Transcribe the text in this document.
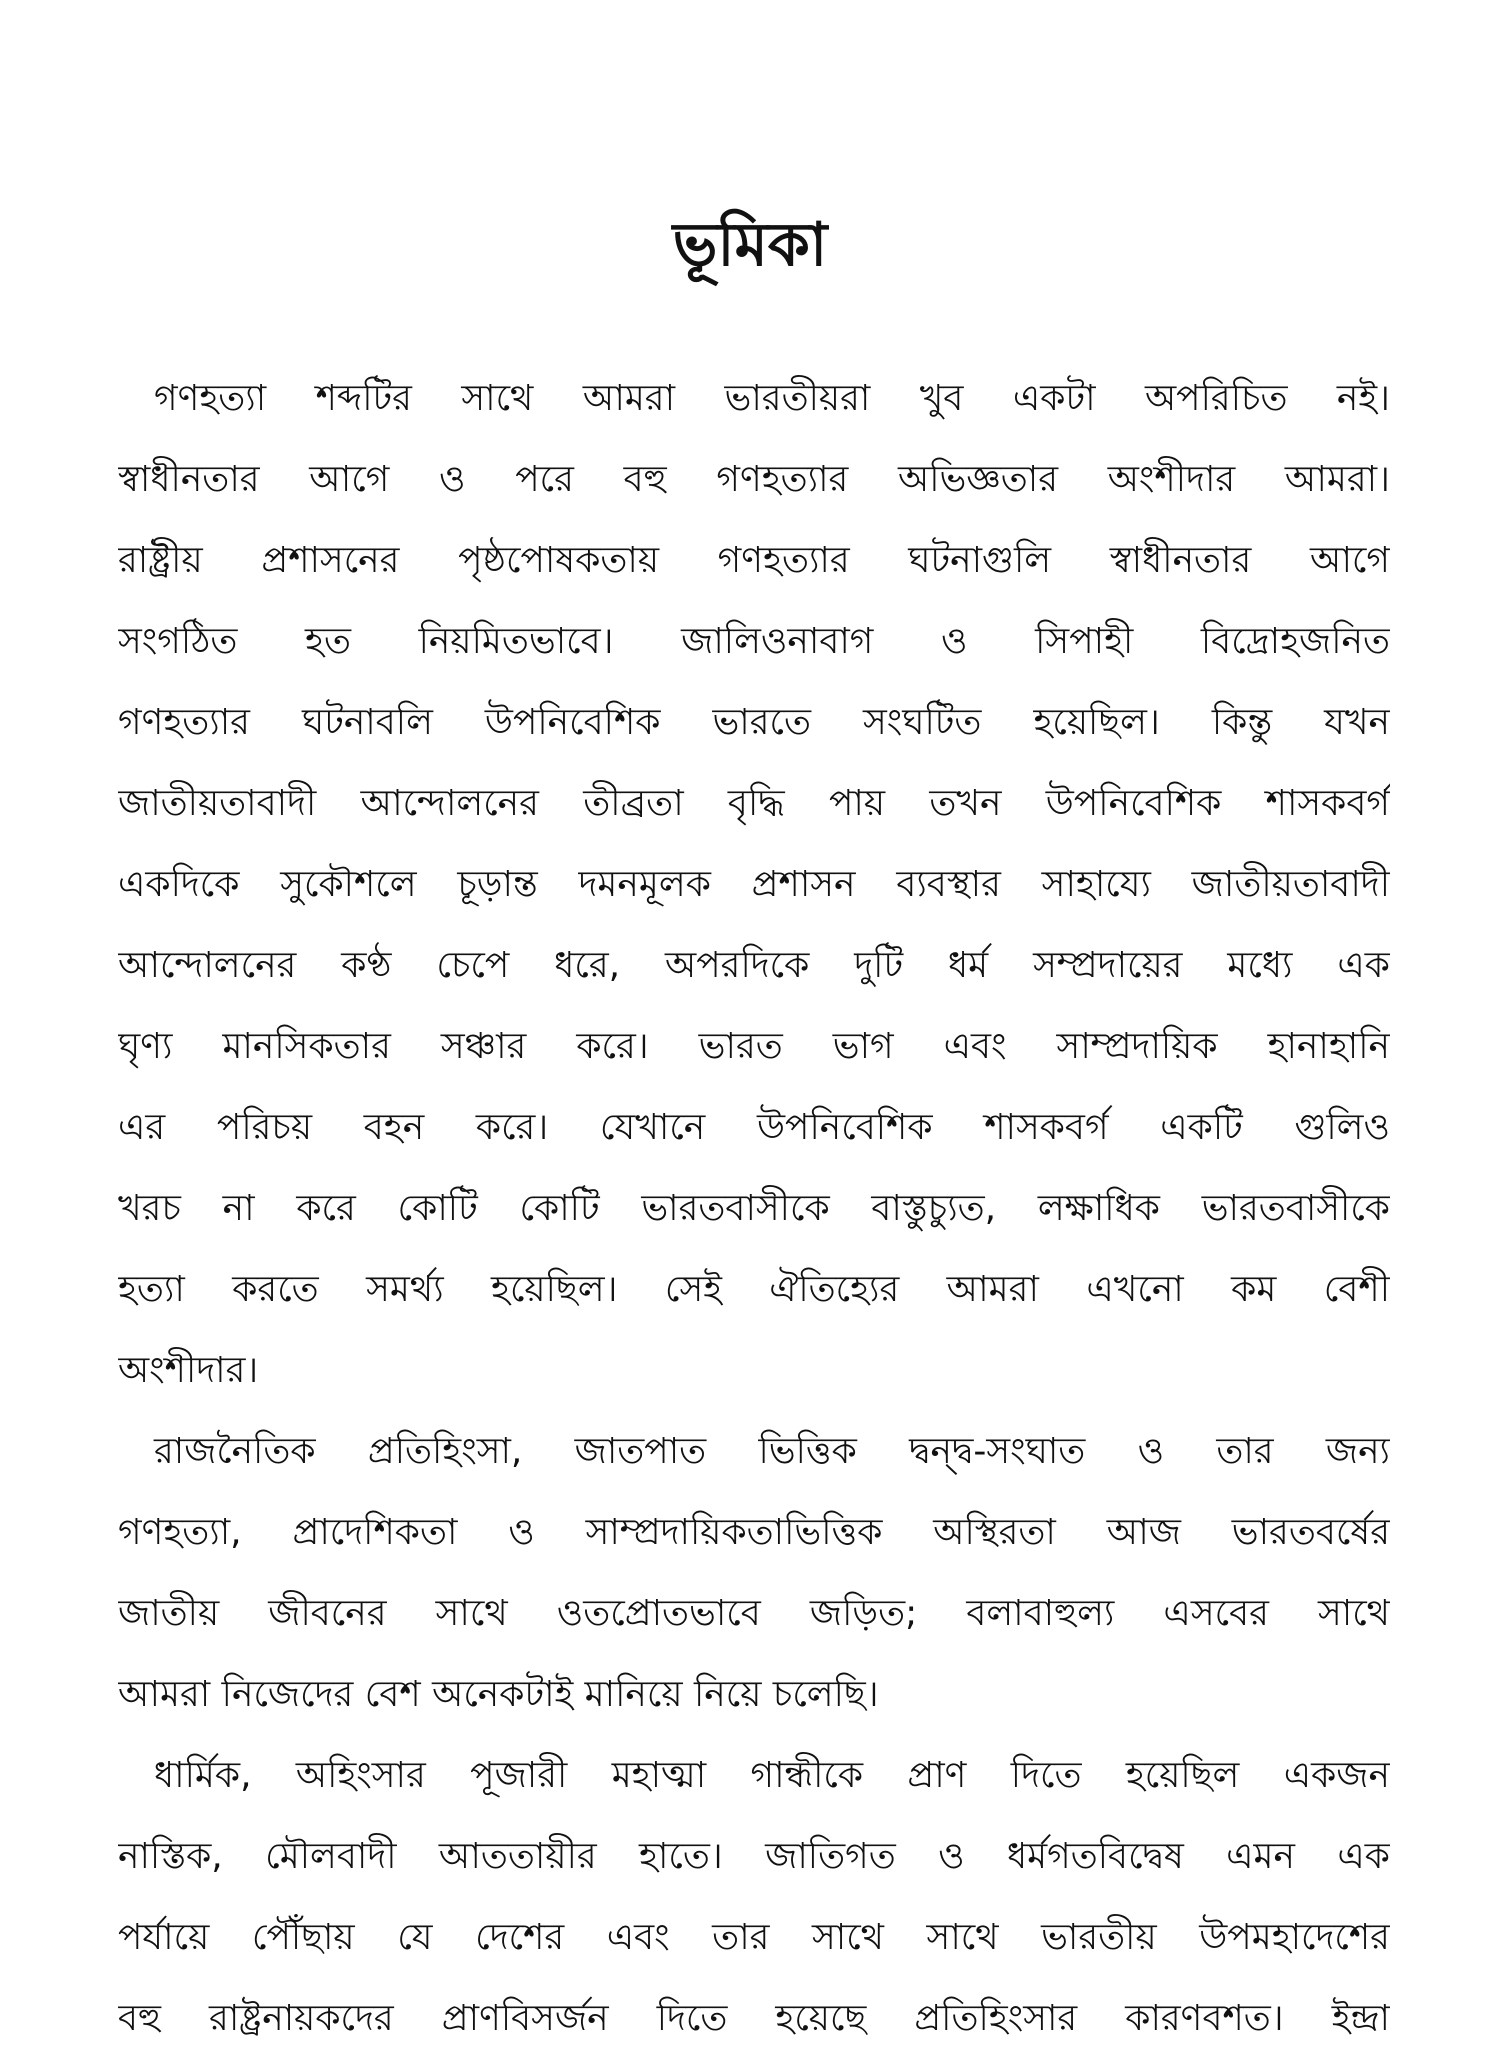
ভূমিকা
গণহত্যা শব্দটির সাথে আমরা ভারতীয়রা খুব একটা অপরিচিত নই।
স্বাধীনতার আগে ও পরে বহু গণহত্যার অভিজ্ঞতার অংশীদার আমরা।
রাষ্ট্রীয় প্রশাসনের পৃষ্ঠপোষকতায় গণহত্যার ঘটনাগুলি স্বাধীনতার আগে
সংগঠিত হত নিয়মিতভাবে। জালিওনাবাগ ও সিপাহী বিদ্রোহজনিত
গণহত্যার ঘটনাবলি উপনিবেশিক ভারতে সংঘটিত হয়েছিল। কিন্তু যখন
জাতীয়তাবাদী আন্দোলনের তীব্রতা বৃদ্ধি পায় তখন উপনিবেশিক শাসকবর্গ
একদিকে সুকৌশলে চূড়ান্ত দমনমূলক প্রশাসন ব্যবস্থার সাহায্যে জাতীয়তাবাদী
আন্দোলনের কণ্ঠ চেপে ধরে, অপরদিকে দুটি ধর্ম সম্প্রদায়ের মধ্যে এক
ঘৃণ্য মানসিকতার সঞ্চার করে। ভারত ভাগ এবং সাম্প্রদায়িক হানাহানি
এর পরিচয় বহন করে। যেখানে উপনিবেশিক শাসকবর্গ একটি গুলিও
খরচ না করে কোটি কোটি ভারতবাসীকে বাস্তুচ্যুত, লক্ষাধিক ভারতবাসীকে
হত্যা করতে সমর্থ্য হয়েছিল। সেই ঐতিহ্যের আমরা এখনো কম বেশী
অংশীদার।
রাজনৈতিক প্রতিহিংসা, জাতপাত ভিত্তিক দ্বন্দ্ব-সংঘাত ও তার জন্য
গণহত্যা, প্রাদেশিকতা ও সাম্প্রদায়িকতাভিত্তিক অস্থিরতা আজ ভারতবর্ষের
জাতীয় জীবনের সাথে ওতপ্রোতভাবে জড়িত; বলাবাহুল্য এসবের সাথে
আমরা নিজেদের বেশ অনেকটাই মানিয়ে নিয়ে চলেছি।
ধার্মিক, অহিংসার পূজারী মহাত্মা গান্ধীকে প্রাণ দিতে হয়েছিল একজন
নাস্তিক, মৌলবাদী আততায়ীর হাতে। জাতিগত ও ধর্মগতবিদ্বেষ এমন এক
পর্যায়ে পৌঁছায় যে দেশের এবং তার সাথে সাথে ভারতীয় উপমহাদেশের
বহু রাষ্ট্রনায়কদের প্রাণবিসর্জন দিতে হয়েছে প্রতিহিংসার কারণবশত। ইন্দ্রা
